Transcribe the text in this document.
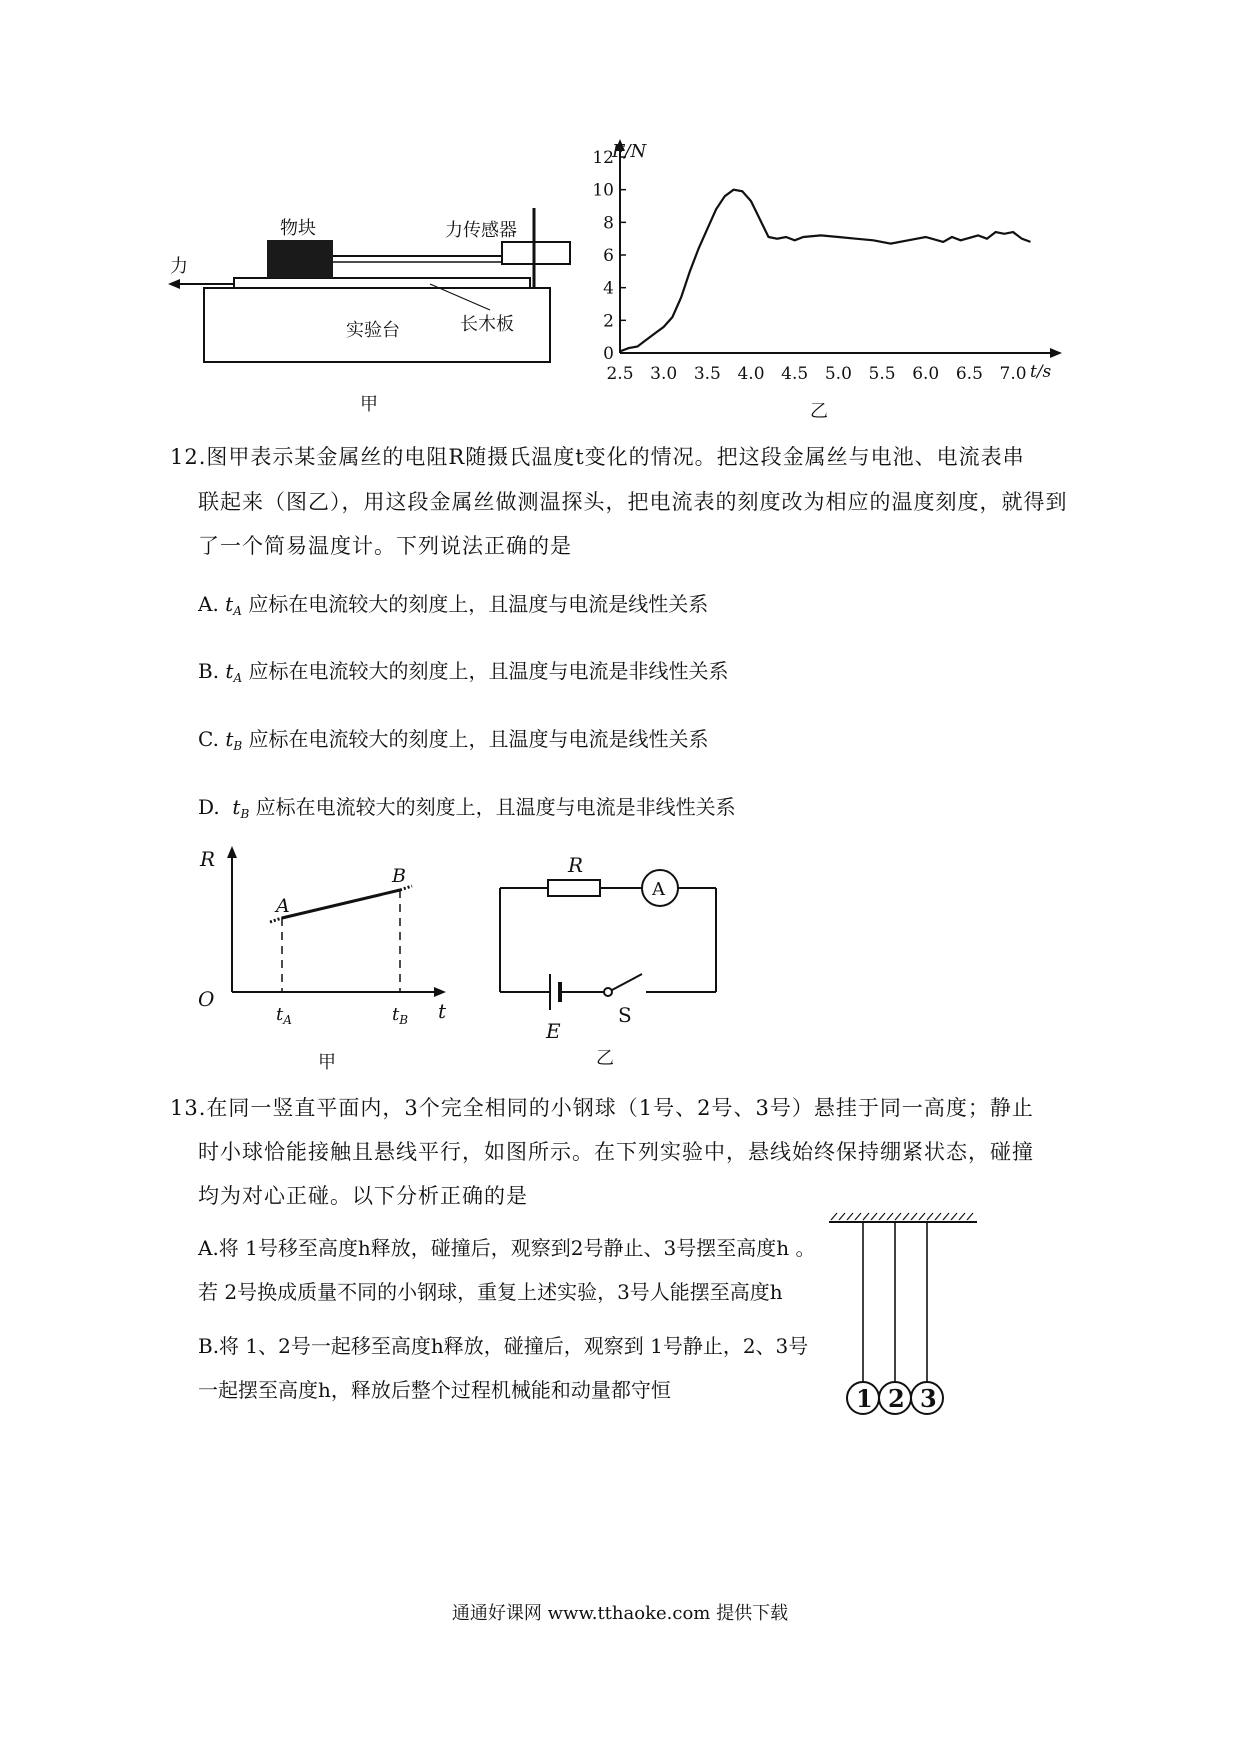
物块	力传感器
力
长木板
实验台
甲
F/N
t/s
0
2
4
6
8
10
12
2.5 3.0 3.5 4.0 4.5 5.0 5.5 6.0 6.5 7.0
乙
12.图甲表示某金属丝的电阻R随摄氏温度t变化的情况。把这段金属丝与电池、电流表串
联起来（图乙），用这段金属丝做测温探头，把电流表的刻度改为相应的温度刻度，就得到
了一个简易温度计。下列说法正确的是
A. $t_A$ 应标在电流较大的刻度上，且温度与电流是线性关系
B. $t_A$ 应标在电流较大的刻度上，且温度与电流是非线性关系
C. $t_B$ 应标在电流较大的刻度上，且温度与电流是线性关系
D. $t_B$ 应标在电流较大的刻度上，且温度与电流是非线性关系
R
O	t
A
B
$t_A$	$t_B$
甲
R
A
E
S
乙
13.在同一竖直平面内，3个完全相同的小钢球（1号、2号、3号）悬挂于同一高度；静止
时小球恰能接触且悬线平行，如图所示。在下列实验中，悬线始终保持绷紧状态，碰撞
均为对心正碰。以下分析正确的是
A.将 1号移至高度h释放，碰撞后，观察到2号静止、3号摆至高度h 。
若 2号换成质量不同的小钢球，重复上述实验，3号人能摆至高度h
B.将 1、2号一起移至高度h释放，碰撞后，观察到 1号静止，2、3号
一起摆至高度h，释放后整个过程机械能和动量都守恒	1 2 3
通通好课网 www.tthaoke.com 提供下载
